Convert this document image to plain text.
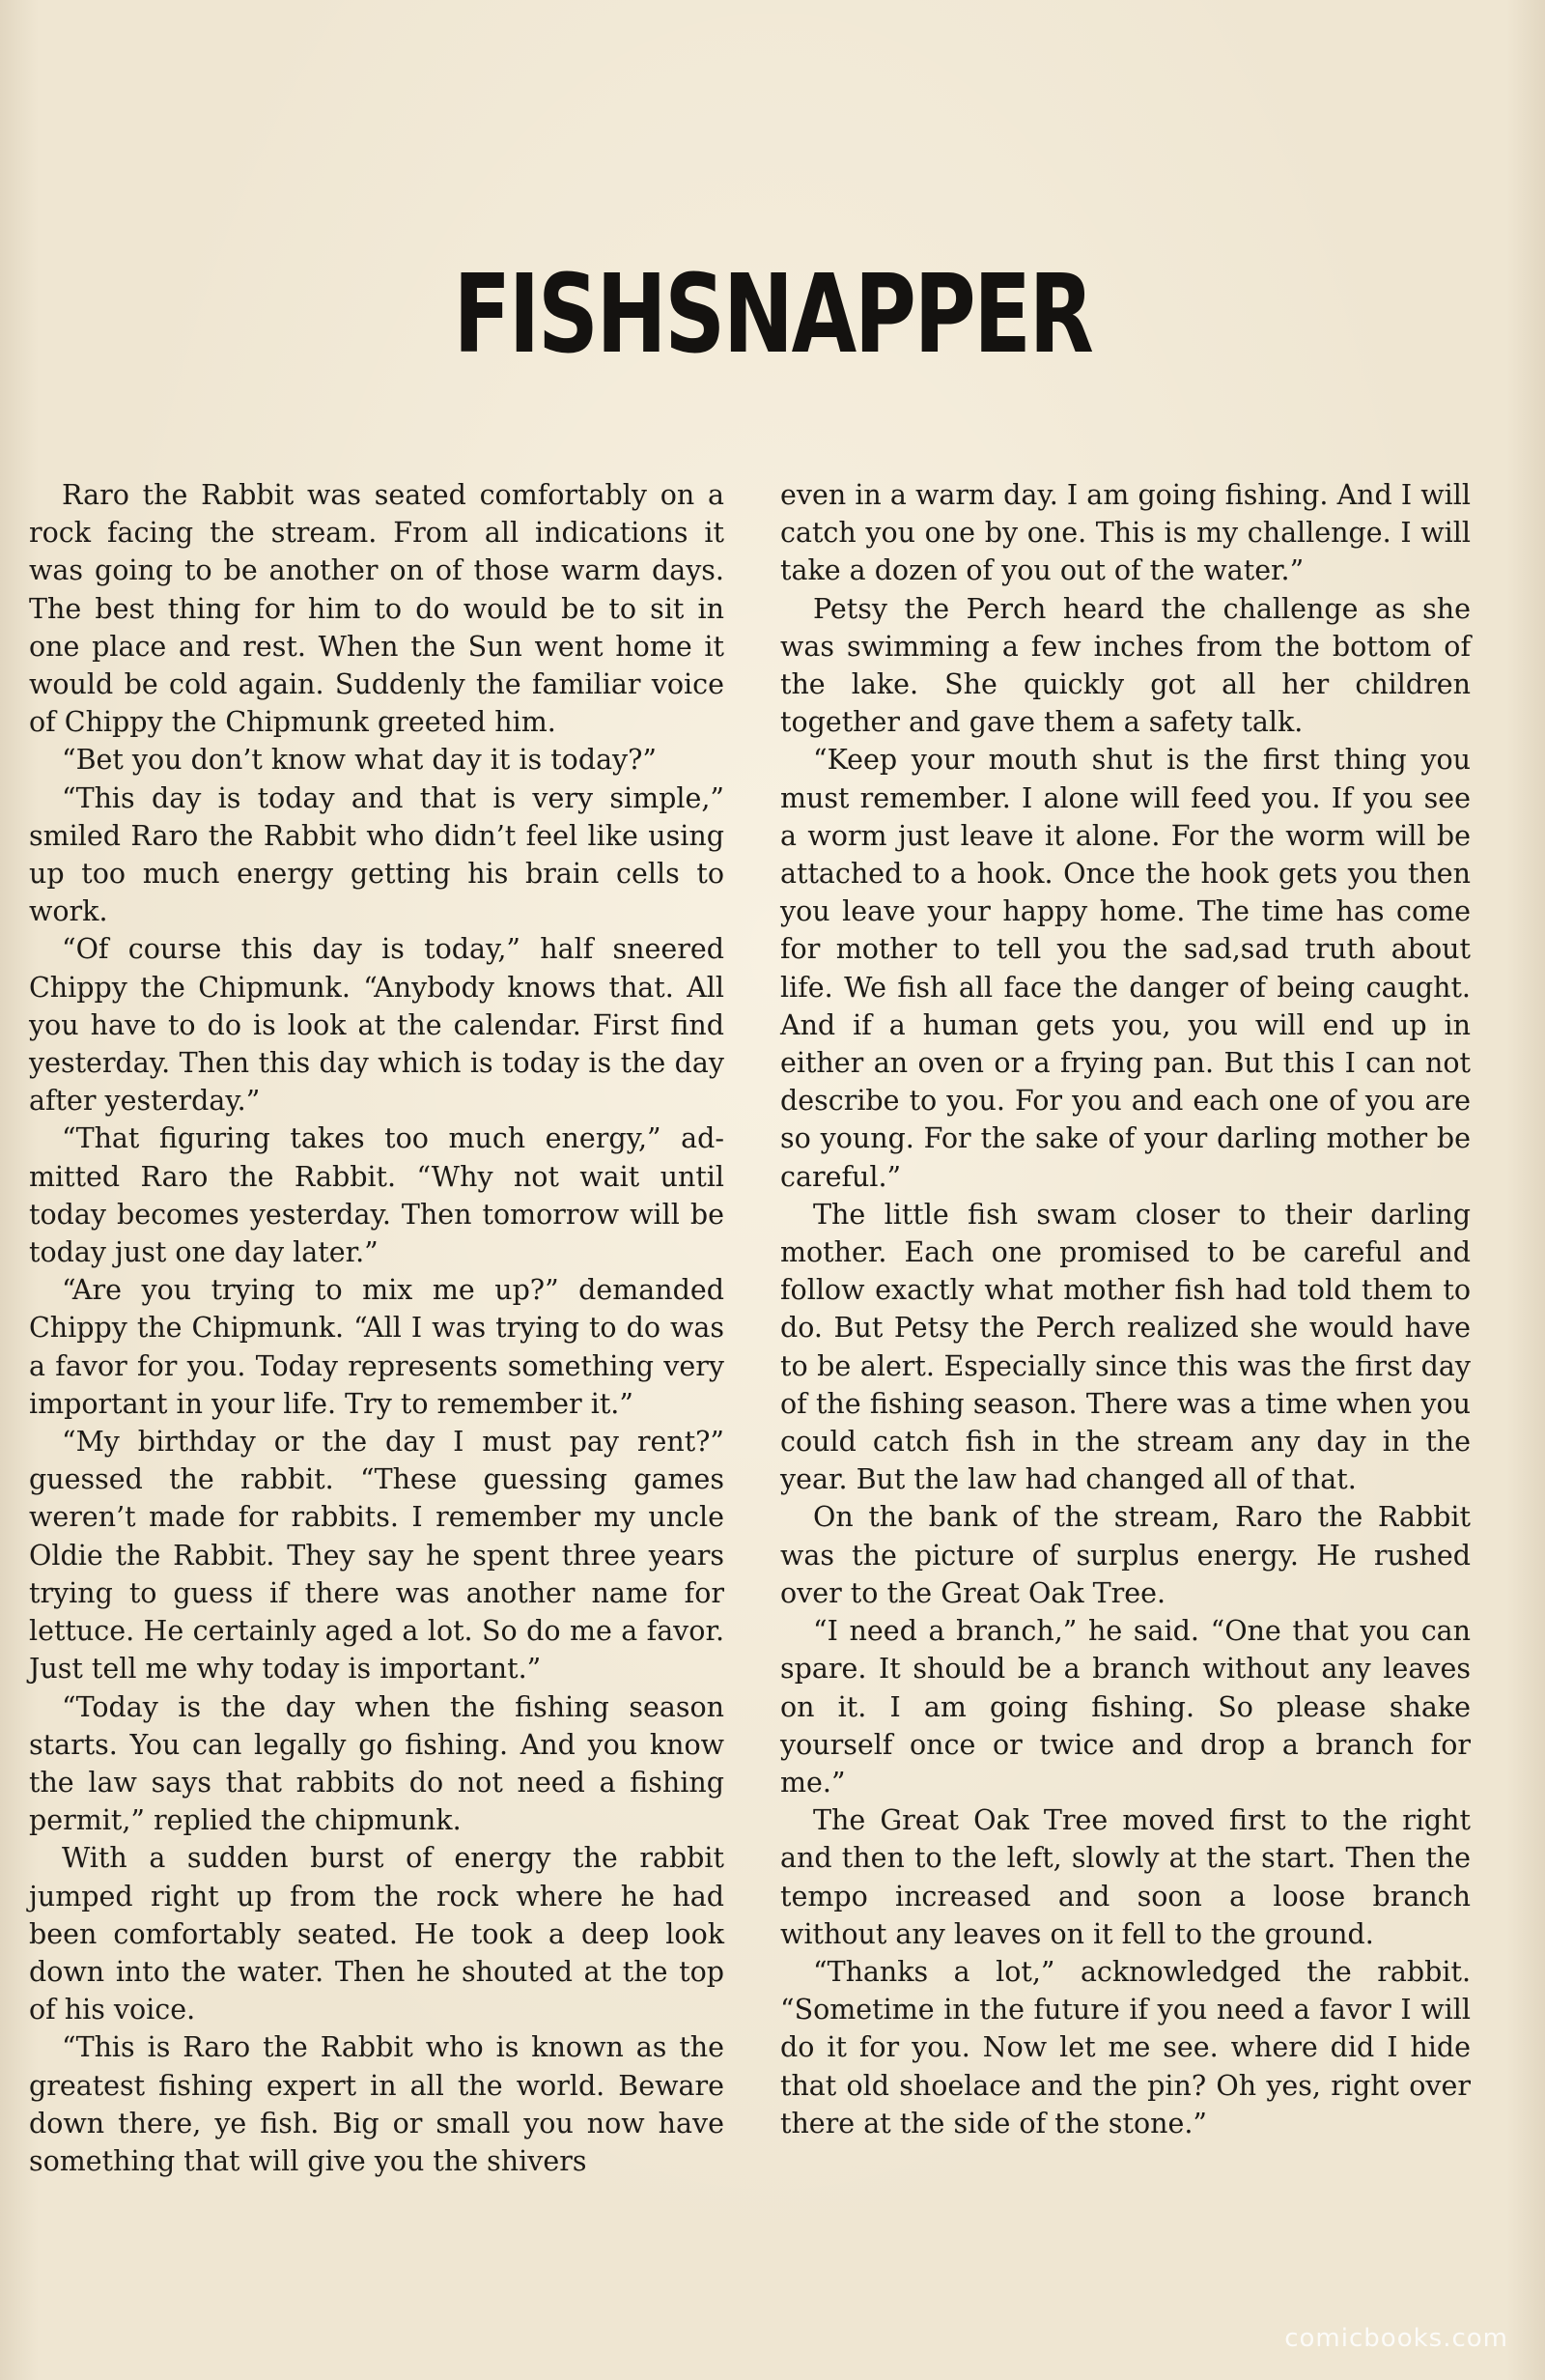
FISHSNAPPER

Raro the Rabbit was seated comfortably on a rock facing the stream. From all indications it was going to be another on of those warm days. The best thing for him to do would be to sit in one place and rest. When the Sun went home it would be cold again. Suddenly the familiar voice of Chippy the Chipmunk greeted him.

“Bet you don’t know what day it is today?”

“This day is today and that is very simple,” smiled Raro the Rabbit who didn’t feel like using up too much energy getting his brain cells to work.

“Of course this day is today,” half sneered Chippy the Chipmunk. “Anybody knows that. All you have to do is look at the calendar. First find yesterday. Then this day which is today is the day after yesterday.”

“That figuring takes too much energy,” admitted Raro the Rabbit. “Why not wait until today becomes yesterday. Then tomorrow will be today just one day later.”

“Are you trying to mix me up?” demanded Chippy the Chipmunk. “All I was trying to do was a favor for you. Today represents something very important in your life. Try to remember it.”

“My birthday or the day I must pay rent?” guessed the rabbit. “These guessing games weren’t made for rabbits. I remember my uncle Oldie the Rabbit. They say he spent three years trying to guess if there was another name for lettuce. He certainly aged a lot. So do me a favor. Just tell me why today is important.”

“Today is the day when the fishing season starts. You can legally go fishing. And you know the law says that rabbits do not need a fishing permit,” replied the chipmunk.

With a sudden burst of energy the rabbit jumped right up from the rock where he had been comfortably seated. He took a deep look down into the water. Then he shouted at the top of his voice.

“This is Raro the Rabbit who is known as the greatest fishing expert in all the world. Beware down there, ye fish. Big or small you now have something that will give you the shivers

even in a warm day. I am going fishing. And I will catch you one by one. This is my challenge. I will take a dozen of you out of the water.”

Petsy the Perch heard the challenge as she was swimming a few inches from the bottom of the lake. She quickly got all her children together and gave them a safety talk.

“Keep your mouth shut is the first thing you must remember. I alone will feed you. If you see a worm just leave it alone. For the worm will be attached to a hook. Once the hook gets you then you leave your happy home. The time has come for mother to tell you the sad,sad truth about life. We fish all face the danger of being caught. And if a human gets you, you will end up in either an oven or a frying pan. But this I can not describe to you. For you and each one of you are so young. For the sake of your darling mother be careful.”

The little fish swam closer to their darling mother. Each one promised to be careful and follow exactly what mother fish had told them to do. But Petsy the Perch realized she would have to be alert. Especially since this was the first day of the fishing season. There was a time when you could catch fish in the stream any day in the year. But the law had changed all of that.

On the bank of the stream, Raro the Rabbit was the picture of surplus energy. He rushed over to the Great Oak Tree.

“I need a branch,” he said. “One that you can spare. It should be a branch without any leaves on it. I am going fishing. So please shake yourself once or twice and drop a branch for me.”

The Great Oak Tree moved first to the right and then to the left, slowly at the start. Then the tempo increased and soon a loose branch without any leaves on it fell to the ground.

“Thanks a lot,” acknowledged the rabbit. “Sometime in the future if you need a favor I will do it for you. Now let me see. where did I hide that old shoelace and the pin? Oh yes, right over there at the side of the stone.”

comicbooks.com
